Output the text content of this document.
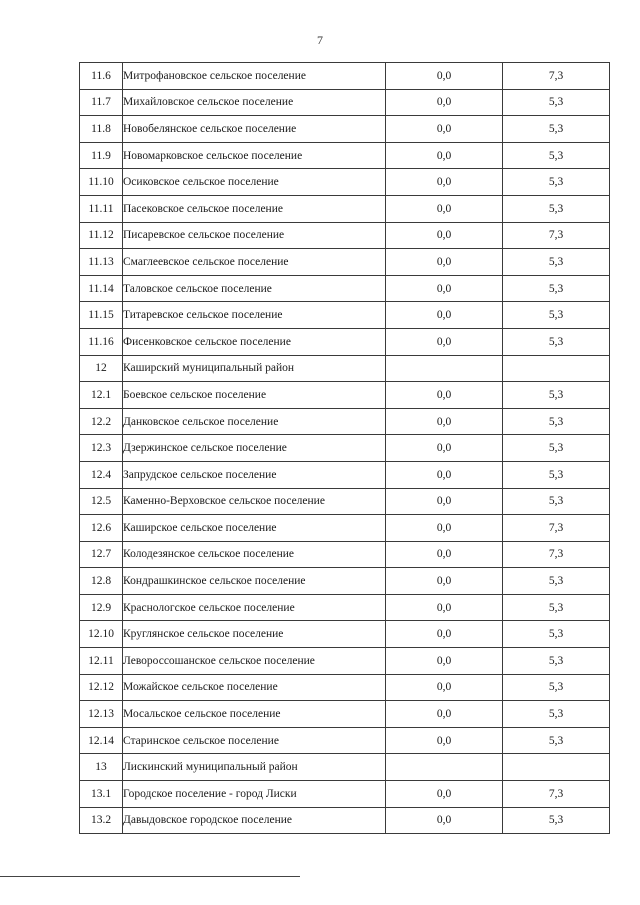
7
11.6	Митрофановское сельское поселение	0,0	7,3
11.7	Михайловское сельское поселение	0,0	5,3
11.8	Новобелянское сельское поселение	0,0	5,3
11.9	Новомарковское сельское поселение	0,0	5,3
11.10	Осиковское сельское поселение	0,0	5,3
11.11	Пасековское сельское поселение	0,0	5,3
11.12	Писаревское сельское поселение	0,0	7,3
11.13	Смаглеевское сельское поселение	0,0	5,3
11.14	Таловское сельское поселение	0,0	5,3
11.15	Титаревское сельское поселение	0,0	5,3
11.16	Фисенковское сельское поселение	0,0	5,3
12	Каширский муниципальный район		
12.1	Боевское сельское поселение	0,0	5,3
12.2	Данковское сельское поселение	0,0	5,3
12.3	Дзержинское сельское поселение	0,0	5,3
12.4	Запрудское сельское поселение	0,0	5,3
12.5	Каменно-Верховское сельское поселение	0,0	5,3
12.6	Каширское сельское поселение	0,0	7,3
12.7	Колодезянское сельское поселение	0,0	7,3
12.8	Кондрашкинское сельское поселение	0,0	5,3
12.9	Краснологское сельское поселение	0,0	5,3
12.10	Круглянское сельское поселение	0,0	5,3
12.11	Левороссошанское сельское поселение	0,0	5,3
12.12	Можайское сельское поселение	0,0	5,3
12.13	Мосальское сельское поселение	0,0	5,3
12.14	Старинское сельское поселение	0,0	5,3
13	Лискинский муниципальный район		
13.1	Городское поселение - город Лиски	0,0	7,3
13.2	Давыдовское городское поселение	0,0	5,3
